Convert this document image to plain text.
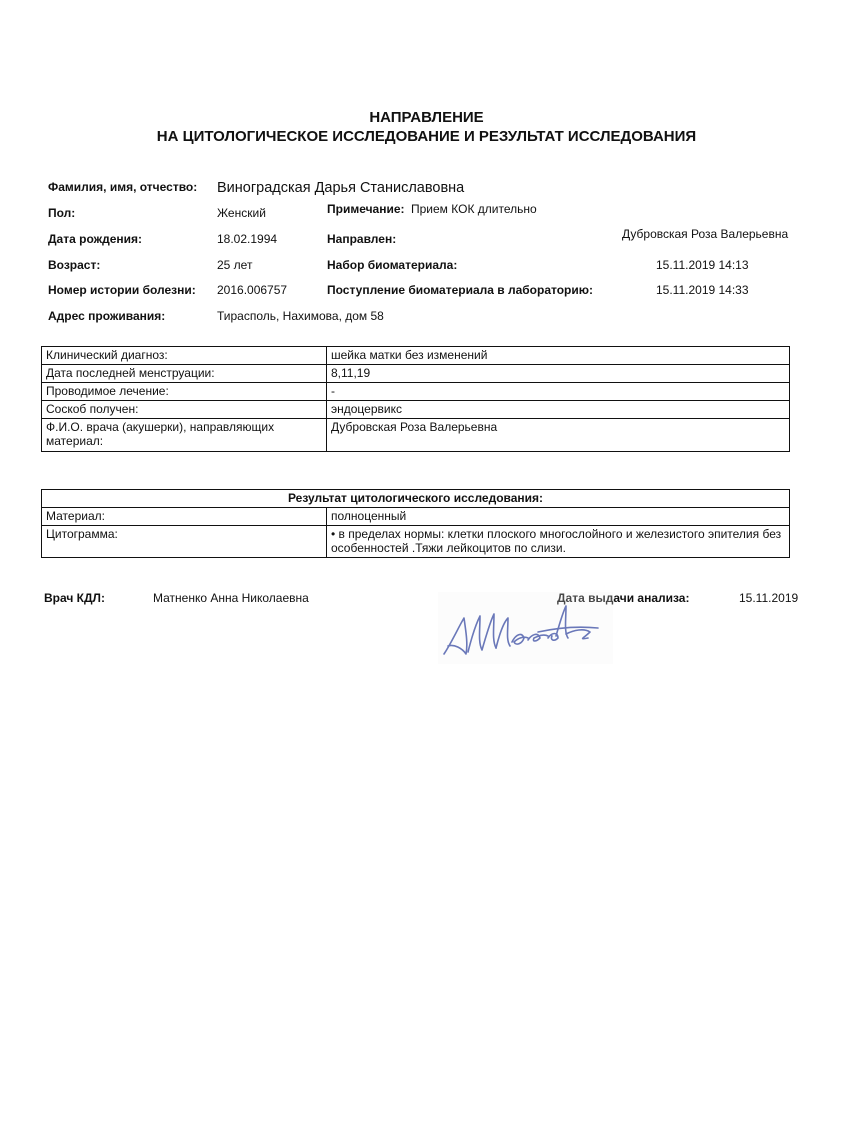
НАПРАВЛЕНИЕ
НА ЦИТОЛОГИЧЕСКОЕ ИССЛЕДОВАНИЕ И РЕЗУЛЬТАТ ИССЛЕДОВАНИЯ
Фамилия, имя, отчество: Виноградская Дарья Станиславовна
Пол:	Женский
Дата рождения:	18.02.1994
Возраст:	25 лет
Номер истории болезни: 2016.006757
Адрес проживания:	Тирасполь, Нахимова, дом 58
Примечание: Прием КОК длительно
Направлен:	Дубровская Роза Валерьевна
Набор биоматериала:	15.11.2019 14:13
Поступление биоматериала в лабораторию:	15.11.2019 14:33
Клинический диагноз:	шейка матки без изменений
Дата последней менструации:	8,11,19
Проводимое лечение:	-
Соскоб получен:	эндоцервикс
Ф.И.О. врача (акушерки), направляющих материал:	Дубровская Роза Валерьевна
Результат цитологического исследования:	
Материал:	полноценный
Цитограмма:	• в пределах нормы: клетки плоского многослойного и железистого эпителия без особенностей .Тяжи лейкоцитов по слизи.
Врач КДЛ:	Матненко Анна Николаевна	Дата выдачи анализа:	15.11.2019
